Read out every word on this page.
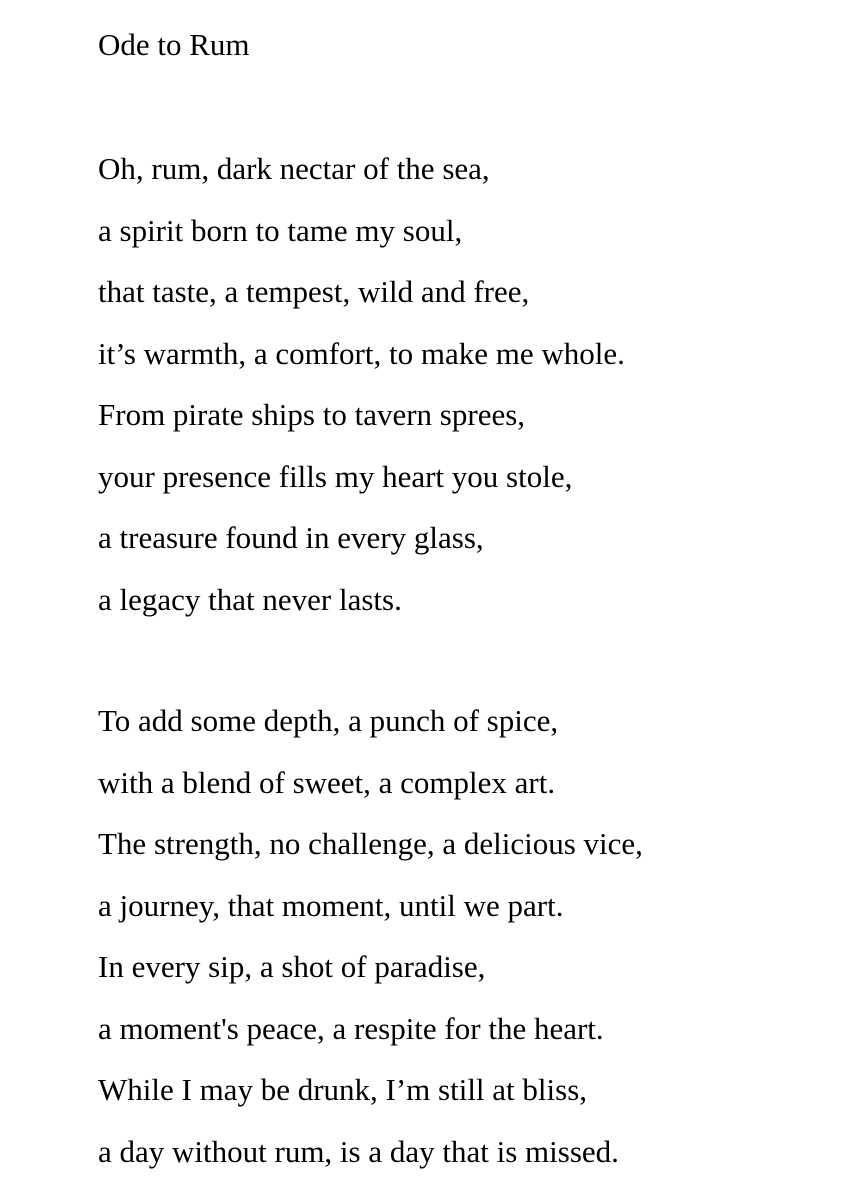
Ode to Rum
Oh, rum, dark nectar of the sea,
a spirit born to tame my soul,
that taste, a tempest, wild and free,
it’s warmth, a comfort, to make me whole.
From pirate ships to tavern sprees,
your presence fills my heart you stole,
a treasure found in every glass,
a legacy that never lasts.
To add some depth, a punch of spice,
with a blend of sweet, a complex art.
The strength, no challenge, a delicious vice,
a journey, that moment, until we part.
In every sip, a shot of paradise,
a moment's peace, a respite for the heart.
While I may be drunk, I’m still at bliss,
a day without rum, is a day that is missed.
